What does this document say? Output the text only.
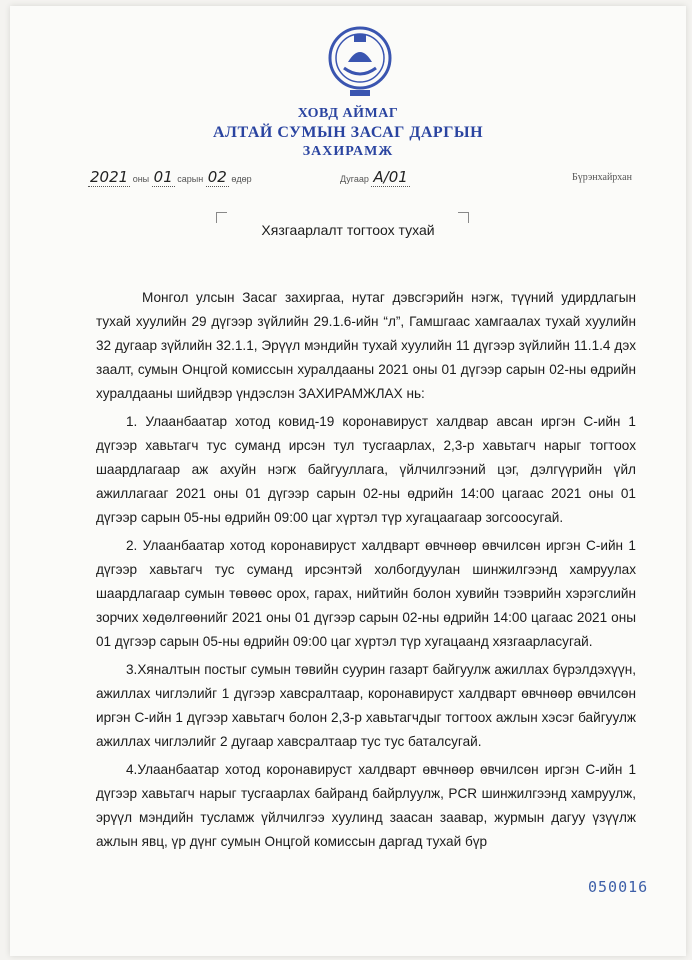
ХОВД АЙМАГ
АЛТАЙ СУМЫН ЗАСАГ ДАРГЫН
ЗАХИРАМЖ
2021 оны 01 сарын 02 өдөр	Дугаар А/01	Бүрэнхайрхан
Хязгаарлалт тогтоох тухай

Монгол улсын Засаг захиргаа, нутаг дэвсгэрийн нэгж, түүний удирдлагын тухай хуулийн 29 дүгээр зүйлийн 29.1.6-ийн “л”, Гамшгаас хамгаалах тухай хуулийн 32 дугаар зүйлийн 32.1.1, Эрүүл мэндийн тухай хуулийн 11 дүгээр зүйлийн 11.1.4 дэх заалт, сумын Онцгой комиссын хуралдааны 2021 оны 01 дүгээр сарын 02-ны өдрийн хуралдааны шийдвэр үндэслэн ЗАХИРАМЖЛАХ нь:

1. Улаанбаатар хотод ковид-19 коронавируст халдвар авсан иргэн С-ийн 1 дүгээр хавьтагч тус суманд ирсэн тул тусгаарлах, 2,3-р хавьтагч нарыг тогтоох шаардлагаар аж ахуйн нэгж байгууллага, үйлчилгээний цэг, дэлгүүрийн үйл ажиллагааг 2021 оны 01 дүгээр сарын 02-ны өдрийн 14:00 цагаас 2021 оны 01 дүгээр сарын 05-ны өдрийн 09:00 цаг хүртэл түр хугацаагаар зогсоосугай.

2. Улаанбаатар хотод коронавируст халдварт өвчнөөр өвчилсөн иргэн С-ийн 1 дүгээр хавьтагч тус суманд ирсэнтэй холбогдуулан шинжилгээнд хамруулах шаардлагаар сумын төвөөс орох, гарах, нийтийн болон хувийн тээврийн хэрэгслийн зорчих хөдөлгөөнийг 2021 оны 01 дүгээр сарын 02-ны өдрийн 14:00 цагаас 2021 оны 01 дүгээр сарын 05-ны өдрийн 09:00 цаг хүртэл түр хугацаанд хязгаарласугай.

3.Хяналтын постыг сумын төвийн суурин газарт байгуулж ажиллах бүрэлдэхүүн, ажиллах чиглэлийг 1 дүгээр хавсралтаар, коронавируст халдварт өвчнөөр өвчилсөн иргэн С-ийн 1 дүгээр хавьтагч болон 2,3-р хавьтагчдыг тогтоох ажлын хэсэг байгуулж ажиллах чиглэлийг 2 дугаар хавсралтаар тус тус баталсугай.

4.Улаанбаатар хотод коронавируст халдварт өвчнөөр өвчилсөн иргэн С-ийн 1 дүгээр хавьтагч нарыг тусгаарлах байранд байрлуулж, PCR шинжилгээнд хамруулж, эрүүл мэндийн тусламж үйлчилгээ хуулинд заасан заавар, журмын дагуу үзүүлж ажлын явц, үр дүнг сумын Онцгой комиссын даргад тухай бүр

050016
